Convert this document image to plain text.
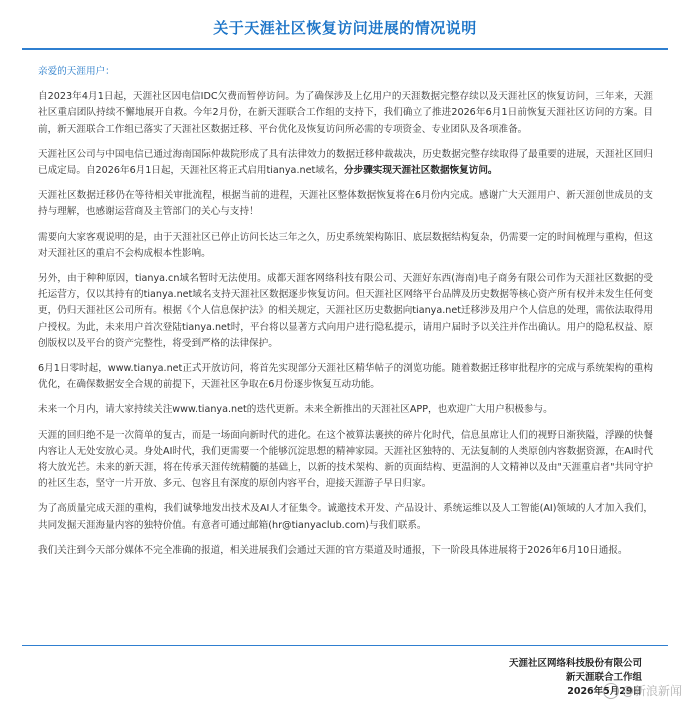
关于天涯社区恢复访问进展的情况说明

亲爱的天涯用户：

自2023年4月1日起，天涯社区因电信IDC欠费而暂停访问。为了确保涉及上亿用户的天涯数据完整存续以及天涯社区的恢复访问，三年来，天涯社区重启团队持续不懈地展开自救。今年2月份，在新天涯联合工作组的支持下，我们确立了推进2026年6月1日前恢复天涯社区访问的方案。目前，新天涯联合工作组已落实了天涯社区数据迁移、平台优化及恢复访问所必需的专项资金、专业团队及各项准备。

天涯社区公司与中国电信已通过海南国际仲裁院形成了具有法律效力的数据迁移仲裁裁决，历史数据完整存续取得了最重要的进展，天涯社区回归已成定局。自2026年6月1日起，天涯社区将正式启用tianya.net域名，分步骤实现天涯社区数据恢复访问。

天涯社区数据迁移仍在等待相关审批流程，根据当前的进程，天涯社区整体数据恢复将在6月份内完成。感谢广大天涯用户、新天涯创世成员的支持与理解，也感谢运营商及主管部门的关心与支持！

需要向大家客观说明的是，由于天涯社区已停止访问长达三年之久，历史系统架构陈旧、底层数据结构复杂，仍需要一定的时间梳理与重构，但这对天涯社区的重启不会构成根本性影响。

另外，由于种种原因，tianya.cn域名暂时无法使用。成都天涯客网络科技有限公司、天涯好东西(海南)电子商务有限公司作为天涯社区数据的受托运营方，仅以其持有的tianya.net域名支持天涯社区数据逐步恢复访问。但天涯社区网络平台品牌及历史数据等核心资产所有权并未发生任何变更，仍归天涯社区公司所有。根据《个人信息保护法》的相关规定，天涯社区历史数据向tianya.net迁移涉及用户个人信息的处理，需依法取得用户授权。为此，未来用户首次登陆tianya.net时，平台将以显著方式向用户进行隐私提示，请用户届时予以关注并作出确认。用户的隐私权益、原创版权以及平台的资产完整性，将受到严格的法律保护。

6月1日零时起，www.tianya.net正式开放访问，将首先实现部分天涯社区精华帖子的浏览功能。随着数据迁移审批程序的完成与系统架构的重构优化，在确保数据安全合规的前提下，天涯社区争取在6月份逐步恢复互动功能。

未来一个月内，请大家持续关注www.tianya.net的迭代更新。未来全新推出的天涯社区APP，也欢迎广大用户积极参与。

天涯的回归绝不是一次简单的复古，而是一场面向新时代的进化。在这个被算法裹挟的碎片化时代，信息虽席让人们的视野日渐狭隘，浮躁的快餐内容让人无处安放心灵。身处AI时代，我们更需要一个能够沉淀思想的精神家园。天涯社区独特的、无法复制的人类原创内容数据资源，在AI时代将大放光芒。未来的新天涯，将在传承天涯传统精髓的基础上，以新的技术架构、新的页面结构、更温润的人文精神以及由"天涯重启者"共同守护的社区生态，坚守一片开放、多元、包容且有深度的原创内容平台，迎接天涯游子早日归家。

为了高质量完成天涯的重构，我们诚挚地发出技术及AI人才征集令。诚邀技术开发、产品设计、系统运维以及人工智能(AI)领域的人才加入我们，共同发掘天涯海量内容的独特价值。有意者可通过邮箱(hr@tianyaclub.com)与我们联系。

我们关注到今天部分媒体不完全准确的报道，相关进展我们会通过天涯的官方渠道及时通报，下一阶段具体进展将于2026年6月10日通报。

天涯社区网络科技股份有限公司
新天涯联合工作组
2026年5月29日
@新浪新闻
